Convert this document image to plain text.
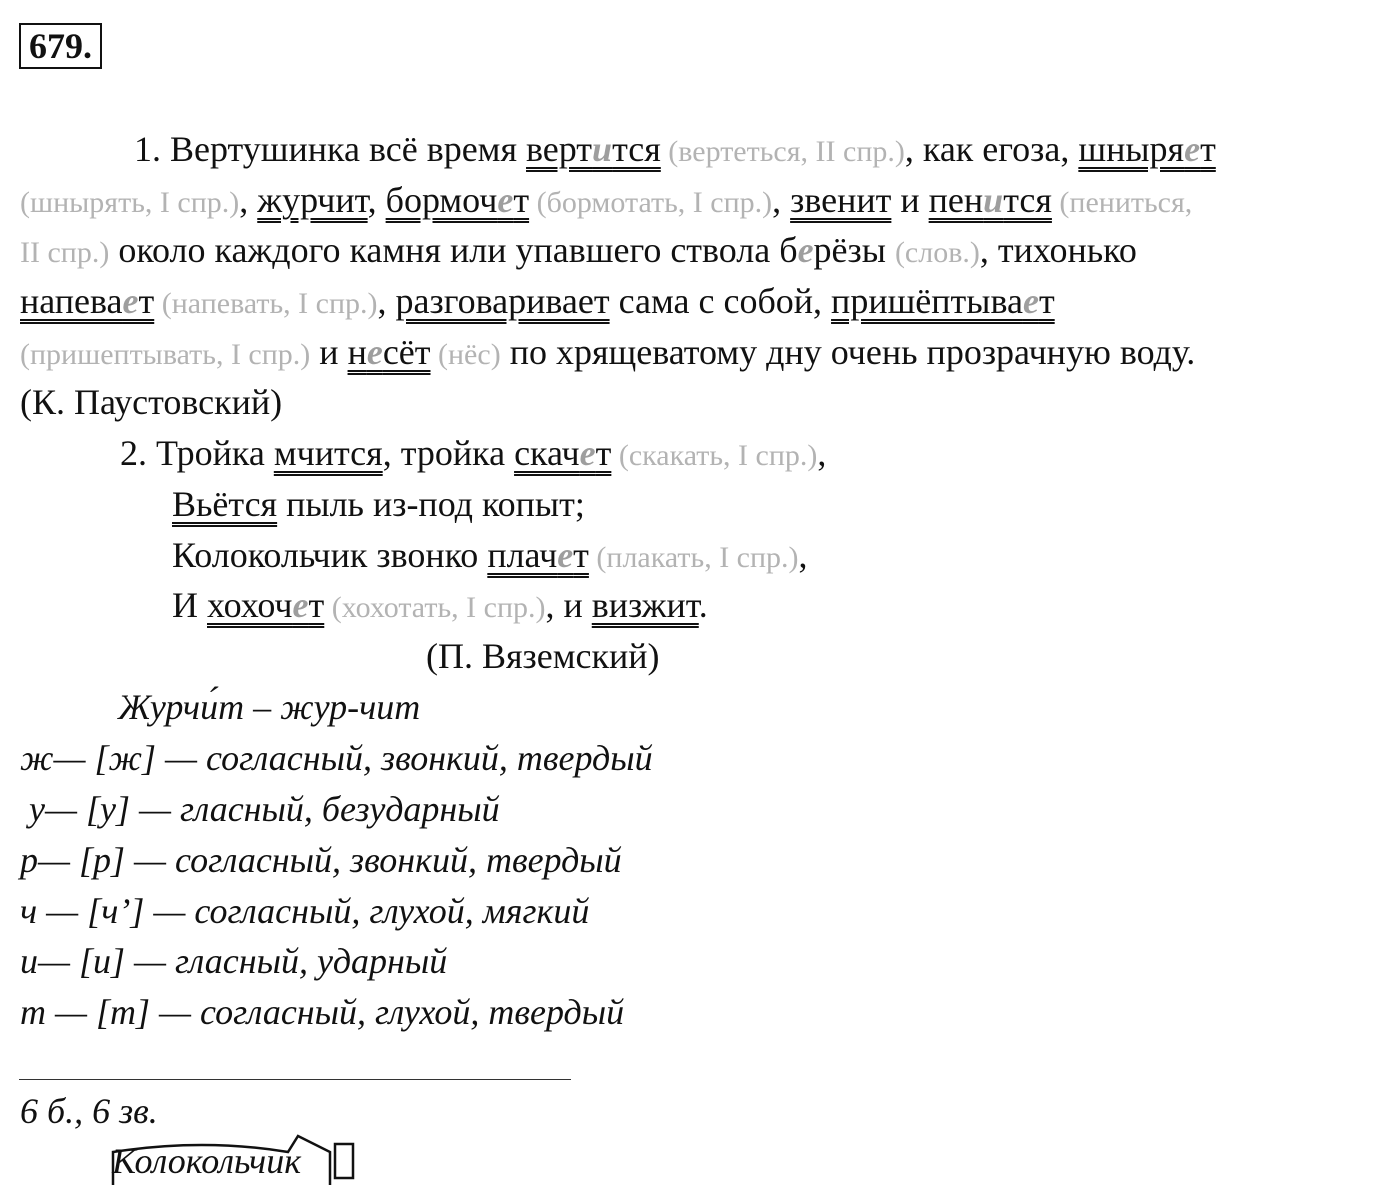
679.
1. Вертушинка всё время вертится (вертеться, II спр.), как егоза, шныряет
(шнырять, I спр.), журчит, бормочет (бормотать, I спр.), звенит и пенится (пениться,
II спр.) около каждого камня или упавшего ствола берёзы (слов.), тихонько
напевает (напевать, I спр.), разговаривает сама с собой, пришёптывает
(пришептывать, I спр.) и несёт (нёс) по хрящеватому дну очень прозрачную воду.
(К. Паустовский)
2. Тройка мчится, тройка скачет (скакать, I спр.),
Вьётся пыль из-под копыт;
Колокольчик звонко плачет (плакать, I спр.),
И хохочет (хохотать, I спр.), и визжит.
(П. Вяземский)
Журчи́т – жур-чит
ж— [ж] — согласный, звонкий, твердый
у— [у] — гласный, безударный
р— [р] — согласный, звонкий, твердый
ч — [ч’] — согласный, глухой, мягкий
и— [и] — гласный, ударный
т — [т] — согласный, глухой, твердый
6 б., 6 зв.
Колокольчик
